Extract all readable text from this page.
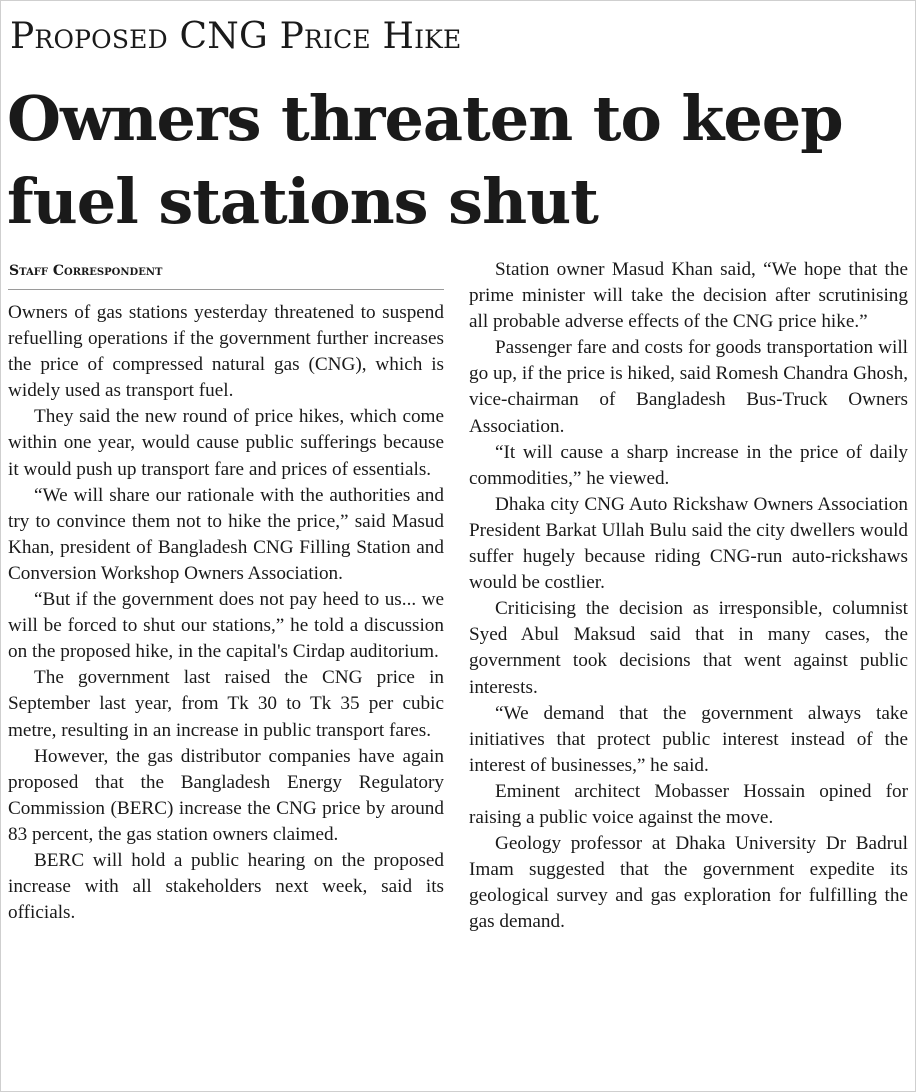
Proposed CNG Price Hike
Owners threaten to keep fuel stations shut
Staff Correspondent

Owners of gas stations yesterday threatened to suspend refuelling operations if the government further increases the price of compressed natural gas (CNG), which is widely used as transport fuel.

They said the new round of price hikes, which come within one year, would cause public sufferings because it would push up transport fare and prices of essentials.

“We will share our rationale with the authorities and try to convince them not to hike the price,” said Masud Khan, president of Bangladesh CNG Filling Station and Conversion Workshop Owners Association.

“But if the government does not pay heed to us... we will be forced to shut our stations,” he told a discussion on the proposed hike, in the capital's Cirdap auditorium.

The government last raised the CNG price in September last year, from Tk 30 to Tk 35 per cubic metre, resulting in an increase in public transport fares.

However, the gas distributor companies have again proposed that the Bangladesh Energy Regulatory Commission (BERC) increase the CNG price by around 83 percent, the gas station owners claimed.

BERC will hold a public hearing on the proposed increase with all stakeholders next week, said its officials.

Station owner Masud Khan said, “We hope that the prime minister will take the decision after scrutinising all probable adverse effects of the CNG price hike.”

Passenger fare and costs for goods transportation will go up, if the price is hiked, said Romesh Chandra Ghosh, vice-chairman of Bangladesh Bus-Truck Owners Association.

“It will cause a sharp increase in the price of daily commodities,” he viewed.

Dhaka city CNG Auto Rickshaw Owners Association President Barkat Ullah Bulu said the city dwellers would suffer hugely because riding CNG-run auto-rickshaws would be costlier.

Criticising the decision as irresponsible, columnist Syed Abul Maksud said that in many cases, the government took decisions that went against public interests.

“We demand that the government always take initiatives that protect public interest instead of the interest of businesses,” he said.

Eminent architect Mobasser Hossain opined for raising a public voice against the move.

Geology professor at Dhaka University Dr Badrul Imam suggested that the government expedite its geological survey and gas exploration for fulfilling the gas demand.
